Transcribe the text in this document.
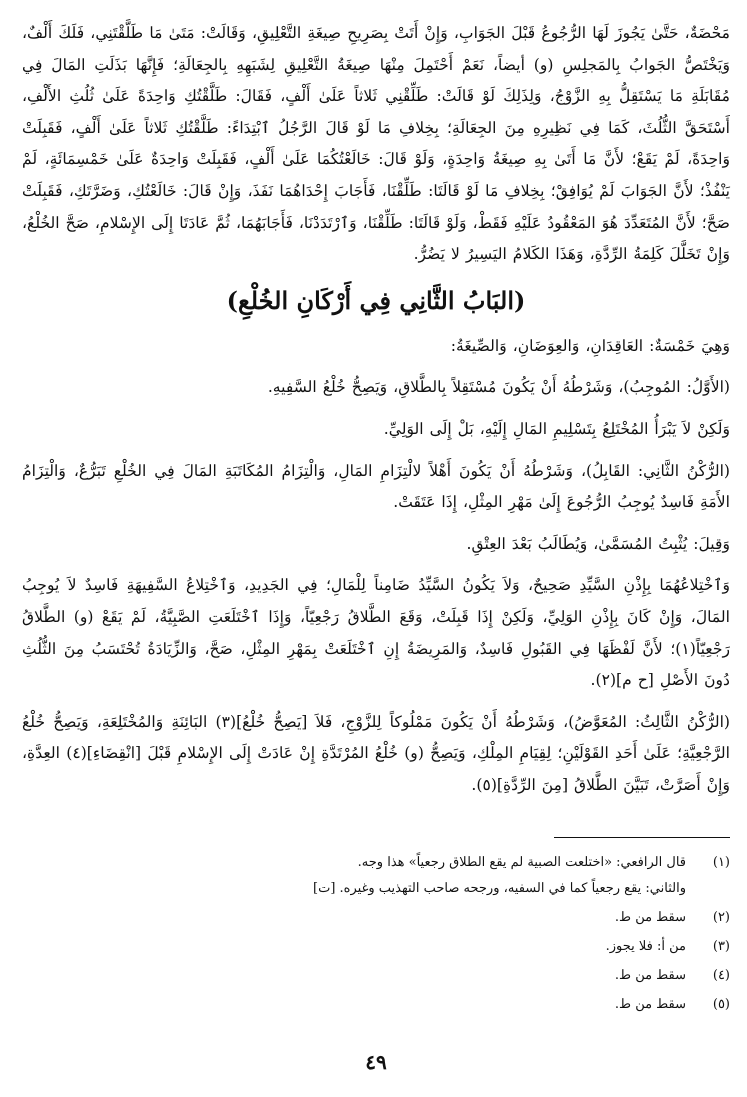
مَحْضَةٌ، حَتَّىٰ يَجُوزَ لَهَا الرُّجُوعُ قَبْلَ الجَوَابِ، وَإِنْ أَتَتْ بِصَرِيحِ صِيغَةِ التَّعْلِيقِ، وَقَالَتْ: مَتَىٰ مَا طَلَّقْتَنِي، فَلَكَ أَلْفٌ، وَيَخْتَصُّ الجَوابُ بِالمَجلِسِ (و) أيضاً، نَعَمْ أَحْتَمِلَ مِنْهَا صِيغَةُ التَّعْلِيقِ لِشَبَهِهِ بِالجِعَالَةِ؛ فَإِنَّهَا بَذَلَتِ المَالَ فِي مُقَابَلَةِ مَا يَسْتَقِلُّ بِهِ الزَّوْجُ، وَلِذَلِكَ لَوْ قَالَتْ: طَلِّقْنِي ثَلاثاً عَلَىٰ أَلْفٍ، فَقَالَ: طَلَّقْتُكِ وَاحِدَةً عَلَىٰ ثُلُثِ الأَلْفِ، أَسْتَحَقَّ الثُّلُثَ، كَمَا فِي نَظِيرِهِ مِنَ الجِعَالَةِ؛ بِخِلافِ مَا لَوْ قَالَ الرَّجُلُ ٱبْتِدَاءً: طَلَّقْتُكِ ثَلاثاً عَلَىٰ أَلْفٍ، فَقَبِلَتْ وَاحِدَةً، لَمْ يَقَعْ؛ لأَنَّ مَا أَتَىٰ بِهِ صِيغَةُ وَاحِدَةٍ، وَلَوْ قَالَ: خَالَعْتُكُمَا عَلَىٰ أَلْفٍ، فَقَبِلَتْ وَاحِدَةٌ عَلَىٰ خَمْسِمَائَةٍ، لَمْ يَنْفُذْ؛ لأَنَّ الجَوَابَ لَمْ يُوَافِقْ؛ بِخِلافِ مَا لَوْ قَالَتَا: طَلِّقْنَا، فَأَجَابَ إِحْدَاهُمَا نَفَذَ، وَإِنْ قَالَ: خَالَعْتُكِ، وَضَرَّتَكِ، فَقَبِلَتْ صَحَّ؛ لأَنَّ المُتَعَدِّدَ هُوَ المَعْقُودُ عَلَيْهِ فَقَطْ، وَلَوْ قَالَتَا: طَلِّقْنَا، وَٱرْتَدَدْنَا، فَأَجَابَهُمَا، ثُمَّ عَادَتَا إِلَى الإِسْلامِ، صَحَّ الخُلْعُ، وَإِنْ تَخَلَّلَ كَلِمَةُ الرِّدَّةِ، وَهَذَا الكَلامُ اليَسِيرُ لا يَضُرُّ.

(البَابُ الثَّانِي فِي أَرْكَانِ الخُلْعِ)

وَهِيَ خَمْسَةٌ: العَاقِدَانِ، وَالعِوَضَانِ، وَالصِّيغَةُ:

(الأَوَّلُ: المُوجِبُ)، وَشَرْطُهُ أَنْ يَكُونَ مُسْتَقِلاً بِالطَّلاقِ، وَيَصِحُّ خُلْعُ السَّفِيهِ.

وَلَكِنْ لاَ يَبْرَأُ المُخْتَلِعُ بِتَسْلِيمِ المَالِ إِلَيْهِ، بَلْ إِلَى الوَلِيِّ.

(الرُّكْنُ الثَّانِي: القَابِلُ)، وَشَرْطُهُ أَنْ يَكُونَ أَهْلاً لالْتِزَامِ المَالِ، وَالْتِزَامُ المُكَاتَبَةِ المَالَ فِي الخُلْعِ تَبَرُّعٌ، وَالْتِزَامُ الأَمَةِ فَاسِدٌ يُوجِبُ الرُّجُوعَ إِلَىٰ مَهْرِ المِثْلِ، إِذَا عَتَقَتْ.

وَقِيلَ: يُثْبِتُ المُسَمَّىٰ، وَيُطَالَبُ بَعْدَ العِتْقِ.

وَٱخْتِلاعُهُمَا بِإِذْنِ السَّيِّدِ صَحِيحٌ، وَلاَ يَكُونُ السَّيِّدُ ضَامِناً لِلْمَالِ؛ فِي الجَدِيدِ، وَٱخْتِلاعُ السَّفِيهَةِ فَاسِدٌ لاَ يُوجِبُ المَالَ، وَإِنْ كَانَ بِإِذْنِ الوَلِيِّ، وَلَكِنْ إِذَا قَبِلَتْ، وَقَعَ الطَّلاقُ رَجْعِيّاً، وَإِذَا ٱخْتَلَعَتِ الصَّبِيَّةُ، لَمْ يَقَعْ (و) الطَّلاقُ رَجْعِيّاً(١)؛ لأَنَّ لَفْظَهَا فِي القَبُولِ فَاسِدٌ، وَالمَرِيضَةُ إِنِ ٱخْتَلَعَتْ بِمَهْرِ المِثْلِ، صَحَّ، وَالزِّيَادَةُ تُحْتَسَبُ مِنَ الثُّلُثِ دُونَ الأَصْلِ [ح م](٢).

(الرُّكْنُ الثَّالِثُ: المُعَوَّضُ)، وَشَرْطُهُ أَنْ يَكُونَ مَمْلُوكاً لِلزَّوْجِ، فَلاَ [يَصِحُّ خُلْعُ](٣) البَائِنَةِ وَالمُخْتَلِعَةِ، وَيَصِحُّ خُلْعُ الرَّجْعِيَّةِ؛ عَلَىٰ أَحَدِ القَوْلَيْنِ؛ لِقِيَامِ المِلْكِ، وَيَصِحُّ (و) خُلْعُ المُرْتَدَّةِ إِنْ عَادَتْ إِلَى الإِسْلامِ قَبْلَ [انْقِضَاءِ](٤) العِدَّةِ، وَإِنْ أَصَرَّتْ، تَبَيَّنَ الطَّلاقُ [مِنَ الرِّدَّةِ](٥).

(١)
قال الرافعي: «اختلعت الصبية لم يقع الطلاق رجعياً» هذا وجه.
والثاني: يقع رجعياً كما في السفيه، ورجحه صاحب التهذيب وغيره. [ت]
(٢)
سقط من ط.
(٣)
من أ: فلا يجوز.
(٤)
سقط من ط.
(٥)
سقط من ط.
٤٩
